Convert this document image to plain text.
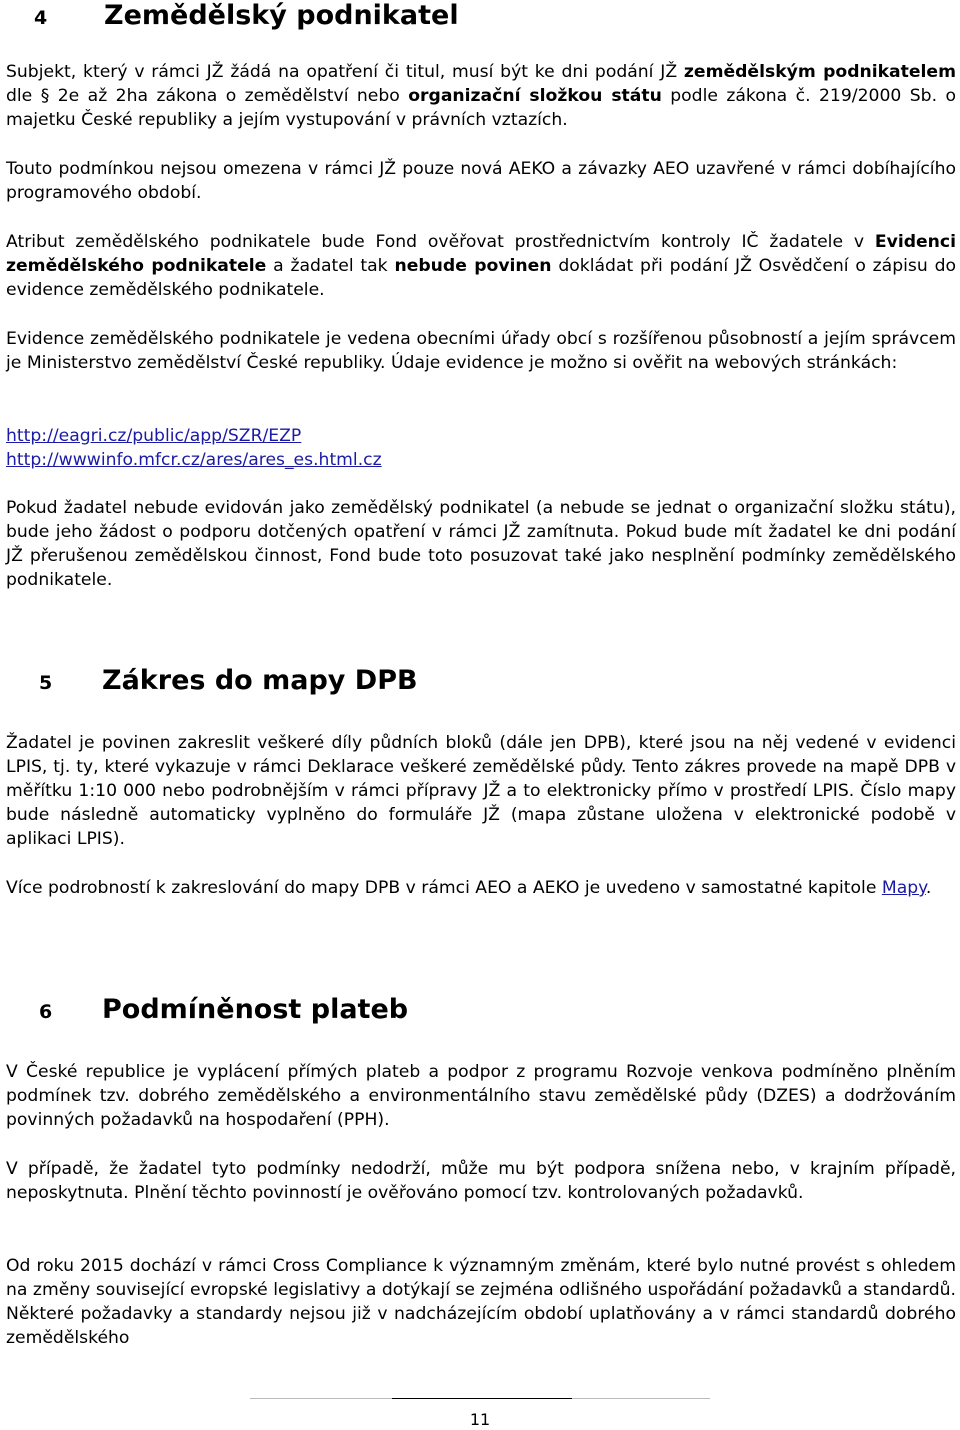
4	Zemědělský podnikatel

Subjekt, který v rámci JŽ žádá na opatření či titul, musí být ke dni podání JŽ zemědělským podnikatelem dle § 2e až 2ha zákona o zemědělství nebo organizační složkou státu podle zákona č. 219/2000 Sb. o majetku České republiky a jejím vystupování v právních vztazích.

Touto podmínkou nejsou omezena v rámci JŽ pouze nová AEKO a závazky AEO uzavřené v rámci dobíhajícího programového období.

Atribut zemědělského podnikatele bude Fond ověřovat prostřednictvím kontroly IČ žadatele v Evidenci zemědělského podnikatele a žadatel tak nebude povinen dokládat při podání JŽ Osvědčení o zápisu do evidence zemědělského podnikatele.

Evidence zemědělského podnikatele je vedena obecními úřady obcí s rozšířenou působností a jejím správcem je Ministerstvo zemědělství České republiky. Údaje evidence je možno si ověřit na webových stránkách:

http://eagri.cz/public/app/SZR/EZP
http://wwwinfo.mfcr.cz/ares/ares_es.html.cz

Pokud žadatel nebude evidován jako zemědělský podnikatel (a nebude se jednat o organizační složku státu), bude jeho žádost o podporu dotčených opatření v rámci JŽ zamítnuta. Pokud bude mít žadatel ke dni podání JŽ přerušenou zemědělskou činnost, Fond bude toto posuzovat také jako nesplnění podmínky zemědělského podnikatele.

5	Zákres do mapy DPB

Žadatel je povinen zakreslit veškeré díly půdních bloků (dále jen DPB), které jsou na něj vedené v evidenci LPIS, tj. ty, které vykazuje v rámci Deklarace veškeré zemědělské půdy. Tento zákres provede na mapě DPB v měřítku 1:10 000 nebo podrobnějším v rámci přípravy JŽ a to elektronicky přímo v prostředí LPIS. Číslo mapy bude následně automaticky vyplněno do formuláře JŽ (mapa zůstane uložena v elektronické podobě v aplikaci LPIS).

Více podrobností k zakreslování do mapy DPB v rámci AEO a AEKO je uvedeno v samostatné kapitole Mapy.

6	Podmíněnost plateb

V České republice je vyplácení přímých plateb a podpor z programu Rozvoje venkova podmíněno plněním podmínek tzv. dobrého zemědělského a environmentálního stavu zemědělské půdy (DZES) a dodržováním povinných požadavků na hospodaření (PPH).

V případě, že žadatel tyto podmínky nedodrží, může mu být podpora snížena nebo, v krajním případě, neposkytnuta. Plnění těchto povinností je ověřováno pomocí tzv. kontrolovaných požadavků.

Od roku 2015 dochází v rámci Cross Compliance k významným změnám, které bylo nutné provést s ohledem na změny související evropské legislativy a dotýkají se zejména odlišného uspořádání požadavků a standardů. Některé požadavky a standardy nejsou již v nadcházejícím období uplatňovány a v rámci standardů dobrého zemědělského

11
